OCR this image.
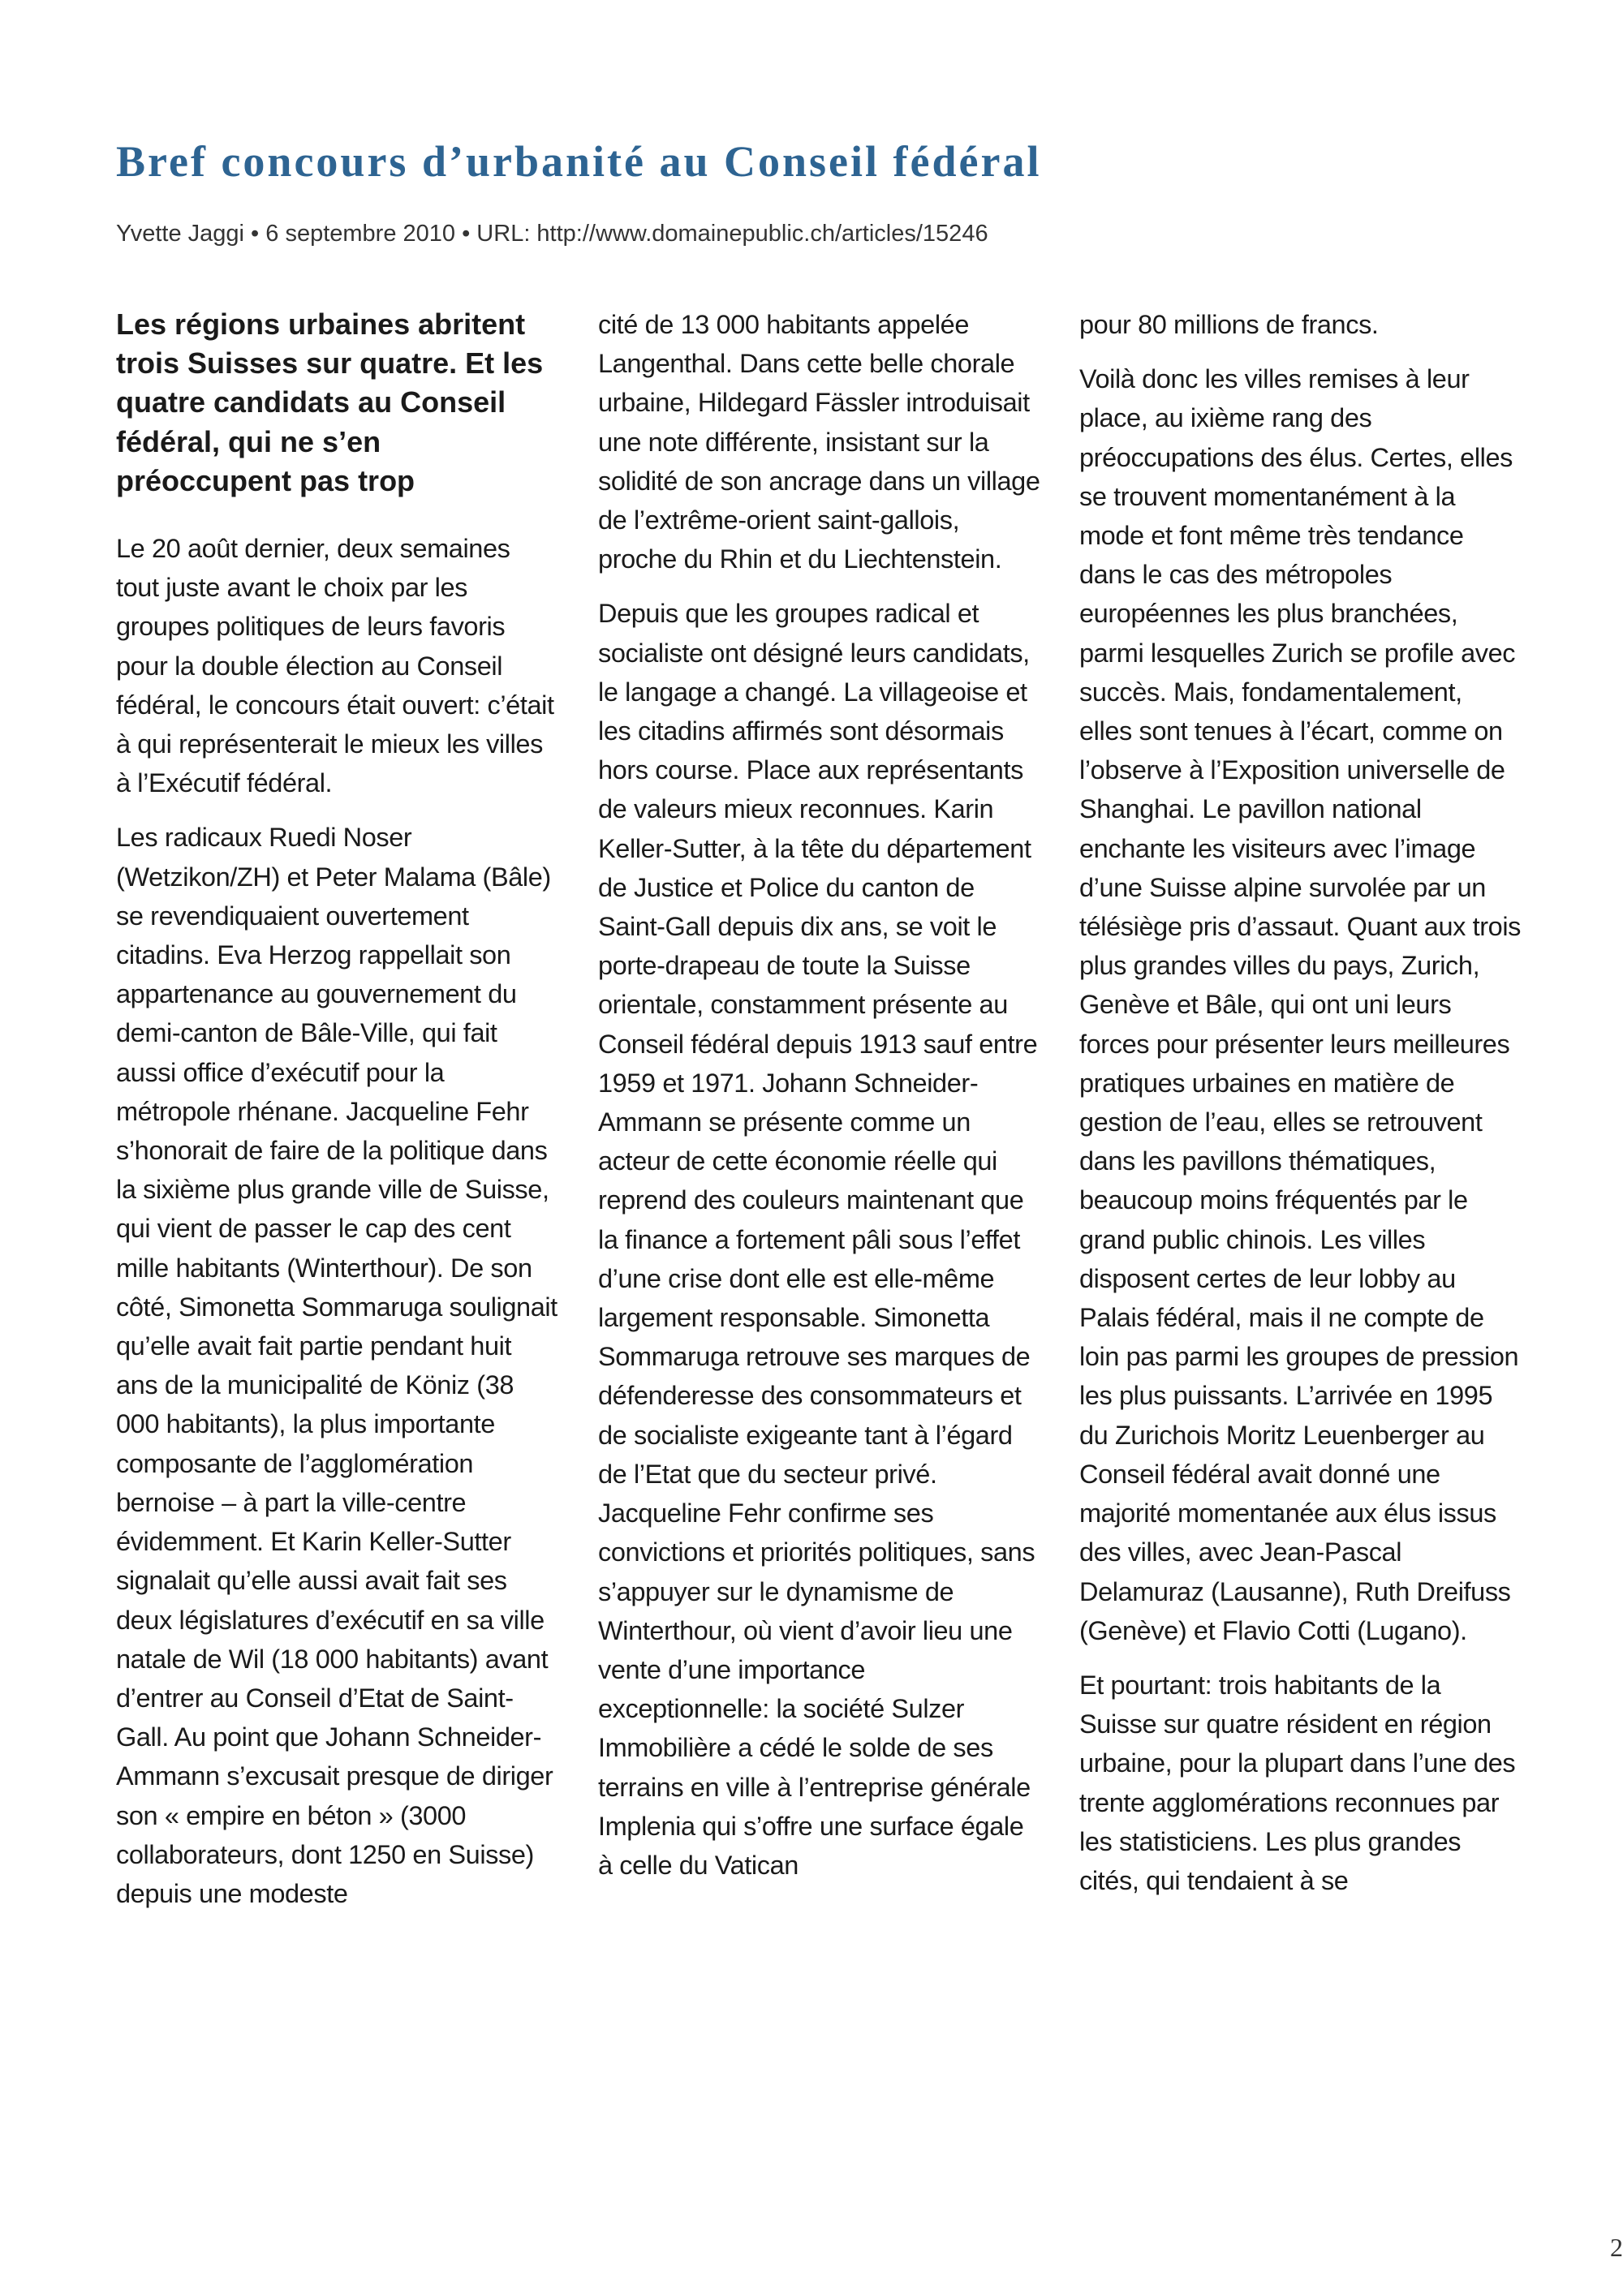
Bref concours d’urbanité au Conseil fédéral
Yvette Jaggi • 6 septembre 2010 • URL: http://www.domainepublic.ch/articles/15246

Les régions urbaines abritent trois Suisses sur quatre. Et les quatre candidats au Conseil fédéral, qui ne s’en préoccupent pas trop

Le 20 août dernier, deux semaines tout juste avant le choix par les groupes politiques de leurs favoris pour la double élection au Conseil fédéral, le concours était ouvert: c’était à qui représenterait le mieux les villes à l’Exécutif fédéral.

Les radicaux Ruedi Noser (Wetzikon/ZH) et Peter Malama (Bâle) se revendiquaient ouvertement citadins. Eva Herzog rappellait son appartenance au gouvernement du demi-canton de Bâle-Ville, qui fait aussi office d’exécutif pour la métropole rhénane. Jacqueline Fehr s’honorait de faire de la politique dans la sixième plus grande ville de Suisse, qui vient de passer le cap des cent mille habitants (Winterthour). De son côté, Simonetta Sommaruga soulignait qu’elle avait fait partie pendant huit ans de la municipalité de Köniz (38 000 habitants), la plus importante composante de l’agglomération bernoise – à part la ville-centre évidemment. Et Karin Keller-Sutter signalait qu’elle aussi avait fait ses deux législatures d’exécutif en sa ville natale de Wil (18 000 habitants) avant d’entrer au Conseil d’Etat de Saint-Gall. Au point que Johann Schneider-Ammann s’excusait presque de diriger son « empire en béton » (3000 collaborateurs, dont 1250 en Suisse) depuis une modeste

cité de 13 000 habitants appelée Langenthal. Dans cette belle chorale urbaine, Hildegard Fässler introduisait une note différente, insistant sur la solidité de son ancrage dans un village de l’extrême-orient saint-gallois, proche du Rhin et du Liechtenstein.

Depuis que les groupes radical et socialiste ont désigné leurs candidats, le langage a changé. La villageoise et les citadins affirmés sont désormais hors course. Place aux représentants de valeurs mieux reconnues. Karin Keller-Sutter, à la tête du département de Justice et Police du canton de Saint-Gall depuis dix ans, se voit le porte-drapeau de toute la Suisse orientale, constamment présente au Conseil fédéral depuis 1913 sauf entre 1959 et 1971. Johann Schneider-Ammann se présente comme un acteur de cette économie réelle qui reprend des couleurs maintenant que la finance a fortement pâli sous l’effet d’une crise dont elle est elle-même largement responsable. Simonetta Sommaruga retrouve ses marques de défenderesse des consommateurs et de socialiste exigeante tant à l’égard de l’Etat que du secteur privé. Jacqueline Fehr confirme ses convictions et priorités politiques, sans s’appuyer sur le dynamisme de Winterthour, où vient d’avoir lieu une vente d’une importance exceptionnelle: la société Sulzer Immobilière a cédé le solde de ses terrains en ville à l’entreprise générale Implenia qui s’offre une surface égale à celle du Vatican

pour 80 millions de francs.

Voilà donc les villes remises à leur place, au ixième rang des préoccupations des élus. Certes, elles se trouvent momentanément à la mode et font même très tendance dans le cas des métropoles européennes les plus branchées, parmi lesquelles Zurich se profile avec succès. Mais, fondamentalement, elles sont tenues à l’écart, comme on l’observe à l’Exposition universelle de Shanghai. Le pavillon national enchante les visiteurs avec l’image d’une Suisse alpine survolée par un télésiège pris d’assaut. Quant aux trois plus grandes villes du pays, Zurich, Genève et Bâle, qui ont uni leurs forces pour présenter leurs meilleures pratiques urbaines en matière de gestion de l’eau, elles se retrouvent dans les pavillons thématiques, beaucoup moins fréquentés par le grand public chinois. Les villes disposent certes de leur lobby au Palais fédéral, mais il ne compte de loin pas parmi les groupes de pression les plus puissants. L’arrivée en 1995 du Zurichois Moritz Leuenberger au Conseil fédéral avait donné une majorité momentanée aux élus issus des villes, avec Jean-Pascal Delamuraz (Lausanne), Ruth Dreifuss (Genève) et Flavio Cotti (Lugano).

Et pourtant: trois habitants de la Suisse sur quatre résident en région urbaine, pour la plupart dans l’une des trente agglomérations reconnues par les statisticiens. Les plus grandes cités, qui tendaient à se

2
